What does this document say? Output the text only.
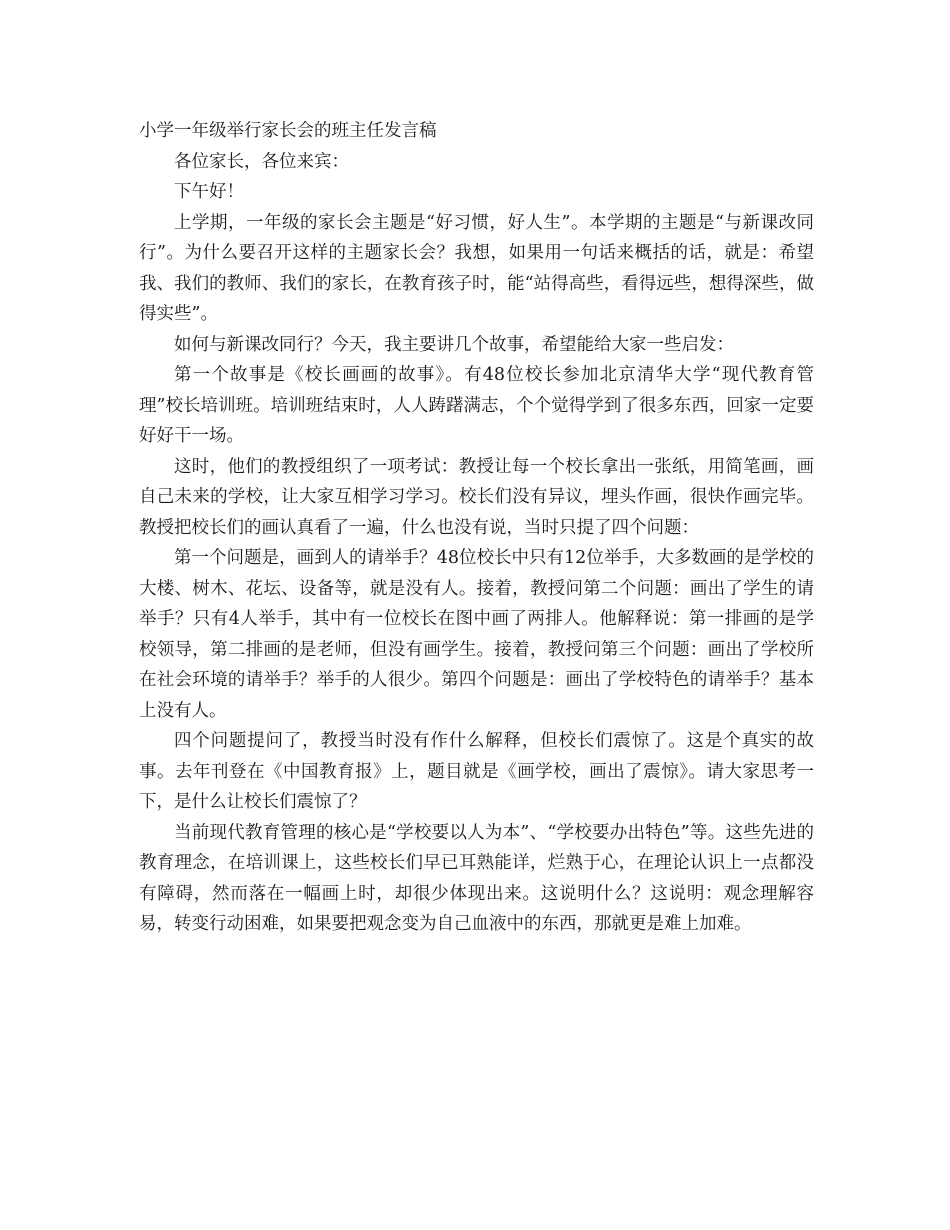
小学一年级举行家长会的班主任发言稿

各位家长，各位来宾：

下午好！

上学期，一年级的家长会主题是“好习惯，好人生”。本学期的主题是“与新课改同行”。为什么要召开这样的主题家长会？我想，如果用一句话来概括的话，就是：希望我、我们的教师、我们的家长，在教育孩子时，能“站得高些，看得远些，想得深些，做得实些”。

如何与新课改同行？今天，我主要讲几个故事，希望能给大家一些启发：

第一个故事是《校长画画的故事》。有48位校长参加北京清华大学“现代教育管理”校长培训班。培训班结束时，人人踌躇满志，个个觉得学到了很多东西，回家一定要好好干一场。

这时，他们的教授组织了一项考试：教授让每一个校长拿出一张纸，用简笔画，画自己未来的学校，让大家互相学习学习。校长们没有异议，埋头作画，很快作画完毕。教授把校长们的画认真看了一遍，什么也没有说，当时只提了四个问题：

第一个问题是，画到人的请举手？48位校长中只有12位举手，大多数画的是学校的大楼、树木、花坛、设备等，就是没有人。接着，教授问第二个问题：画出了学生的请举手？只有4人举手，其中有一位校长在图中画了两排人。他解释说：第一排画的是学校领导，第二排画的是老师，但没有画学生。接着，教授问第三个问题：画出了学校所在社会环境的请举手？举手的人很少。第四个问题是：画出了学校特色的请举手？基本上没有人。

四个问题提问了，教授当时没有作什么解释，但校长们震惊了。这是个真实的故事。去年刊登在《中国教育报》上，题目就是《画学校，画出了震惊》。请大家思考一下，是什么让校长们震惊了？

当前现代教育管理的核心是“学校要以人为本”、“学校要办出特色”等。这些先进的教育理念，在培训课上，这些校长们早已耳熟能详，烂熟于心，在理论认识上一点都没有障碍，然而落在一幅画上时，却很少体现出来。这说明什么？这说明：观念理解容易，转变行动困难，如果要把观念变为自己血液中的东西，那就更是难上加难。
